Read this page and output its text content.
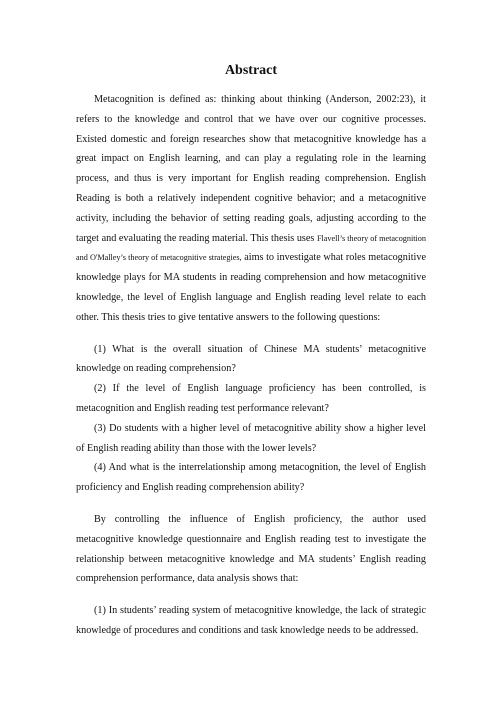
Abstract

Metacognition is defined as: thinking about thinking (Anderson, 2002:23), it refers to the knowledge and control that we have over our cognitive processes. Existed domestic and foreign researches show that metacognitive knowledge has a great impact on English learning, and can play a regulating role in the learning process, and thus is very important for English reading comprehension. English Reading is both a relatively independent cognitive behavior; and a metacognitive activity, including the behavior of setting reading goals, adjusting according to the target and evaluating the reading material. This thesis uses Flavell’s theory of metacognition and O'Malley’s theory of metacognitive strategies, aims to investigate what roles metacognitive knowledge plays for MA students in reading comprehension and how metacognitive knowledge, the level of English language and English reading level relate to each other. This thesis tries to give tentative answers to the following questions:

(1) What is the overall situation of Chinese MA students’ metacognitive knowledge on reading comprehension?

(2) If the level of English language proficiency has been controlled, is metacognition and English reading test performance relevant?

(3) Do students with a higher level of metacognitive ability show a higher level of English reading ability than those with the lower levels?

(4) And what is the interrelationship among metacognition, the level of English proficiency and English reading comprehension ability?

By controlling the influence of English proficiency, the author used metacognitive knowledge questionnaire and English reading test to investigate the relationship between metacognitive knowledge and MA students’ English reading comprehension performance, data analysis shows that:

(1) In students’ reading system of metacognitive knowledge, the lack of strategic knowledge of procedures and conditions and task knowledge needs to be addressed.
